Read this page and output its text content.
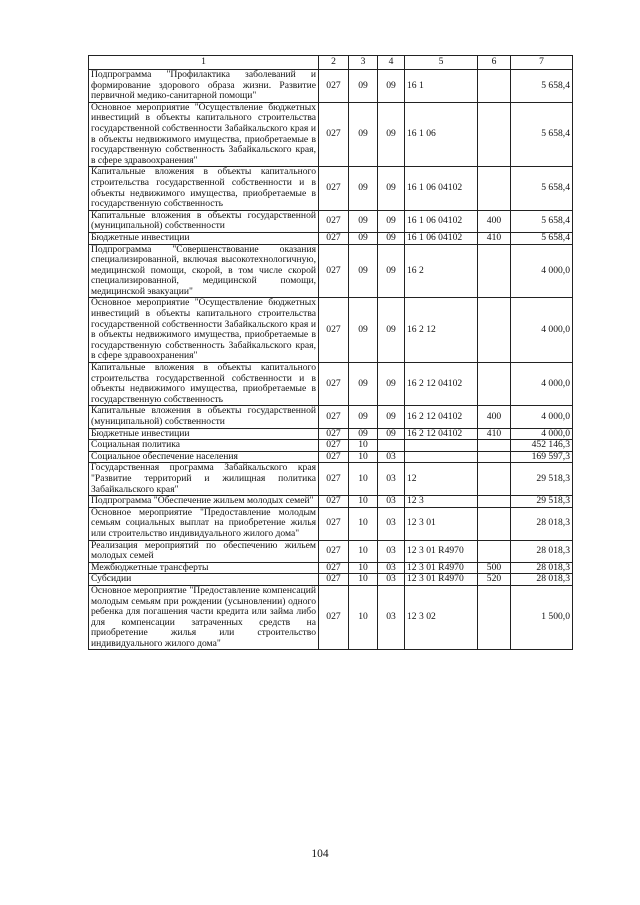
1	2	3	4	5	6	7
Подпрограмма "Профилактика заболеваний и формирование здорового образа жизни. Развитие первичной медико-санитарной помощи"	027	09	09	16 1		5 658,4
Основное мероприятие "Осуществление бюджетных инвестиций в объекты капитального строительства государственной собственности Забайкальского края и в объекты недвижимого имущества, приобретаемые в государственную собственность Забайкальского края, в сфере здравоохранения"	027	09	09	16 1 06		5 658,4
Капитальные вложения в объекты капитального строительства государственной собственности и в объекты недвижимого имущества, приобретаемые в государственную собственность	027	09	09	16 1 06 04102		5 658,4
Капитальные вложения в объекты государственной (муниципальной) собственности	027	09	09	16 1 06 04102	400	5 658,4
Бюджетные инвестиции	027	09	09	16 1 06 04102	410	5 658,4
Подпрограмма "Совершенствование оказания специализированной, включая высокотехнологичную, медицинской помощи, скорой, в том числе скорой специализированной, медицинской помощи, медицинской эвакуации"	027	09	09	16 2		4 000,0
Основное мероприятие "Осуществление бюджетных инвестиций в объекты капитального строительства государственной собственности Забайкальского края и в объекты недвижимого имущества, приобретаемые в государственную собственность Забайкальского края, в сфере здравоохранения"	027	09	09	16 2 12		4 000,0
Капитальные вложения в объекты капитального строительства государственной собственности и в объекты недвижимого имущества, приобретаемые в государственную собственность	027	09	09	16 2 12 04102		4 000,0
Капитальные вложения в объекты государственной (муниципальной) собственности	027	09	09	16 2 12 04102	400	4 000,0
Бюджетные инвестиции	027	09	09	16 2 12 04102	410	4 000,0
Социальная политика	027	10				452 146,3
Социальное обеспечение населения	027	10	03			169 597,3
Государственная программа Забайкальского края "Развитие территорий и жилищная политика Забайкальского края"	027	10	03	12		29 518,3
Подпрограмма "Обеспечение жильем молодых семей"	027	10	03	12 3		29 518,3
Основное мероприятие "Предоставление молодым семьям социальных выплат на приобретение жилья или строительство индивидуального жилого дома"	027	10	03	12 3 01		28 018,3
Реализация мероприятий по обеспечению жильем молодых семей	027	10	03	12 3 01 R4970		28 018,3
Межбюджетные трансферты	027	10	03	12 3 01 R4970	500	28 018,3
Субсидии	027	10	03	12 3 01 R4970	520	28 018,3
Основное мероприятие "Предоставление компенсаций молодым семьям при рождении (усыновлении) одного ребенка для погашения части кредита или займа либо для компенсации затраченных средств на приобретение жилья или строительство индивидуального жилого дома"	027	10	03	12 3 02		1 500,0
104
